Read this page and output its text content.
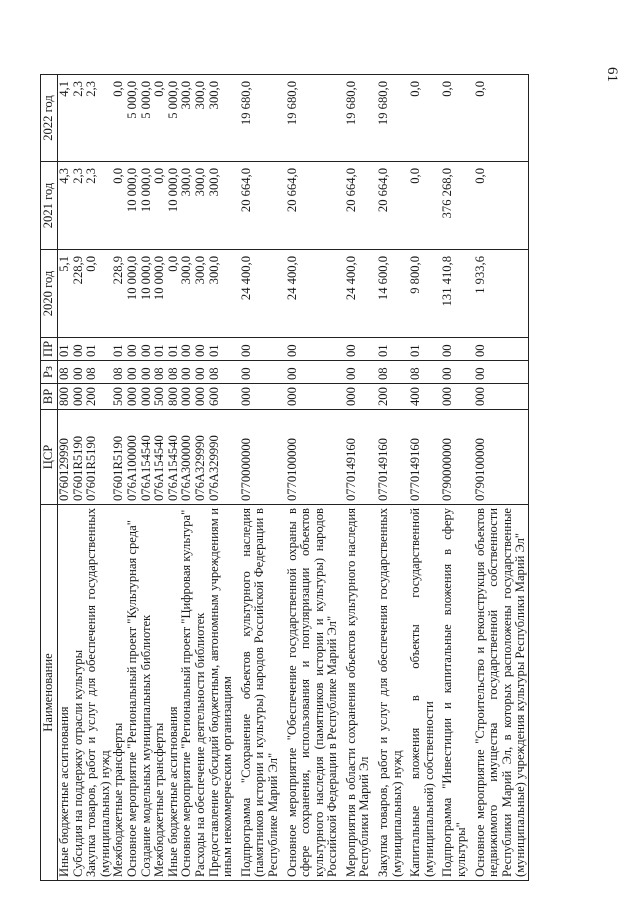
61
Наименование	ЦСР	ВР	Рз	ПР	2020 год	2021 год	2022 год
Иные бюджетные ассигнования	0760129990	800	08	01	5,1	4,3	4,1
Субсидия на поддержку отрасли культуры	07601R5190	000	00	00	228,9	2,3	2,3
Закупка товаров, работ и услуг для обеспечения государственных (муниципальных) нужд	07601R5190	200	08	01	0,0	2,3	2,3
Межбюджетные трансферты	07601R5190	500	08	01	228,9	0,0	0,0
Основное мероприятие "Региональный проект "Культурная среда"	076A100000	000	00	00	10 000,0	10 000,0	5 000,0
Создание модельных муниципальных библиотек	076A154540	000	00	00	10 000,0	10 000,0	5 000,0
Межбюджетные трансферты	076A154540	500	08	01	10 000,0	0,0	0,0
Иные бюджетные ассигнования	076A154540	800	08	01	0,0	10 000,0	5 000,0
Основное мероприятие "Региональный проект "Цифровая культура"	076A300000	000	00	00	300,0	300,0	300,0
Расходы на обеспечение деятельности библиотек	076A329990	000	00	00	300,0	300,0	300,0
Предоставление субсидий бюджетным, автономным учреждениям и иным некоммерческим организациям	076A329990	600	08	01	300,0	300,0	300,0
Подпрограмма "Сохранение объектов культурного наследия (памятников истории и культуры) народов Российской Федерации в Республике Марий Эл"	0770000000	000	00	00	24 400,0	20 664,0	19 680,0
Основное мероприятие "Обеспечение государственной охраны в сфере сохранения, использования и популяризации объектов культурного наследия (памятников истории и культуры) народов Российской Федерации в Республике Марий Эл"	0770100000	000	00	00	24 400,0	20 664,0	19 680,0
Мероприятия в области сохранения объектов культурного наследия Республики Марий Эл	0770149160	000	00	00	24 400,0	20 664,0	19 680,0
Закупка товаров, работ и услуг для обеспечения государственных (муниципальных) нужд	0770149160	200	08	01	14 600,0	20 664,0	19 680,0
Капитальные вложения в объекты государственной (муниципальной) собственности	0770149160	400	08	01	9 800,0	0,0	0,0
Подпрограмма "Инвестиции и капитальные вложения в сферу культуры"	0790000000	000	00	00	131 410,8	376 268,0	0,0
Основное мероприятие "Строительство и реконструкция объектов недвижимого имущества государственной собственности Республики Марий Эл, в которых расположены государственные (муниципальные) учреждения культуры Республики Марий Эл"	0790100000	000	00	00	1 933,6	0,0	0,0
